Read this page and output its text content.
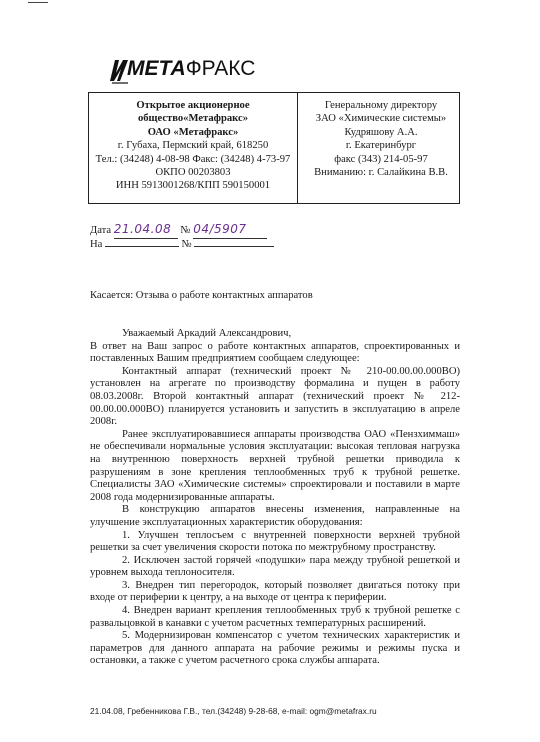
МЕТА ФРАКС
Открытое акционерное
общество«Метафракс»
ОАО «Метафракс»
г. Губаха, Пермский край, 618250
Тел.: (34248) 4-08-98 Факс: (34248) 4-73-97
ОКПО 00203803
ИНН 5913001268/КПП 590150001
Генеральному директору
ЗАО «Химические системы»
Кудряшову А.А.
г. Екатеринбург
факс (343) 214-05-97
Вниманию: г. Салайкина В.В.
Дата 21.04.08 № 04/5907
На	№
Касается: Отзыва о работе контактных аппаратов

Уважаемый Аркадий Александрович,

В ответ на Ваш запрос о работе контактных аппаратов, спроектированных и поставленных Вашим предприятием сообщаем следующее:

Контактный аппарат (технический проект № 210-00.00.00.000ВО) установлен на агрегате по производству формалина и пущен в работу 08.03.2008г. Второй контактный аппарат (технический проект № 212-00.00.00.000ВО) планируется установить и запустить в эксплуатацию в апреле 2008г.

Ранее эксплуатировавшиеся аппараты производства ОАО «Пензхиммаш» не обеспечивали нормальные условия эксплуатации: высокая тепловая нагрузка на внутреннюю поверхность верхней трубной решетки приводила к разрушениям в зоне крепления теплообменных труб к трубной решетке. Специалисты ЗАО «Химические системы» спроектировали и поставили в марте 2008 года модернизированные аппараты.

В конструкцию аппаратов внесены изменения, направленные на улучшение эксплуатационных характеристик оборудования:

1. Улучшен теплосъем с внутренней поверхности верхней трубной решетки за счет увеличения скорости потока по межтрубному пространству.

2. Исключен застой горячей «подушки» пара между трубной решеткой и уровнем выхода теплоносителя.

3. Внедрен тип перегородок, который позволяет двигаться потоку при входе от периферии к центру, а на выходе от центра к периферии.

4. Внедрен вариант крепления теплообменных труб к трубной решетке с развальцовкой в канавки с учетом расчетных температурных расширений.

5. Модернизирован компенсатор с учетом технических характеристик и параметров для данного аппарата на рабочие режимы и режимы пуска и остановки, а также с учетом расчетного срока службы аппарата.

21.04.08, Гребенникова Г.В., тел.(34248) 9-28-68, e-mail: ogm@metafrax.ru
